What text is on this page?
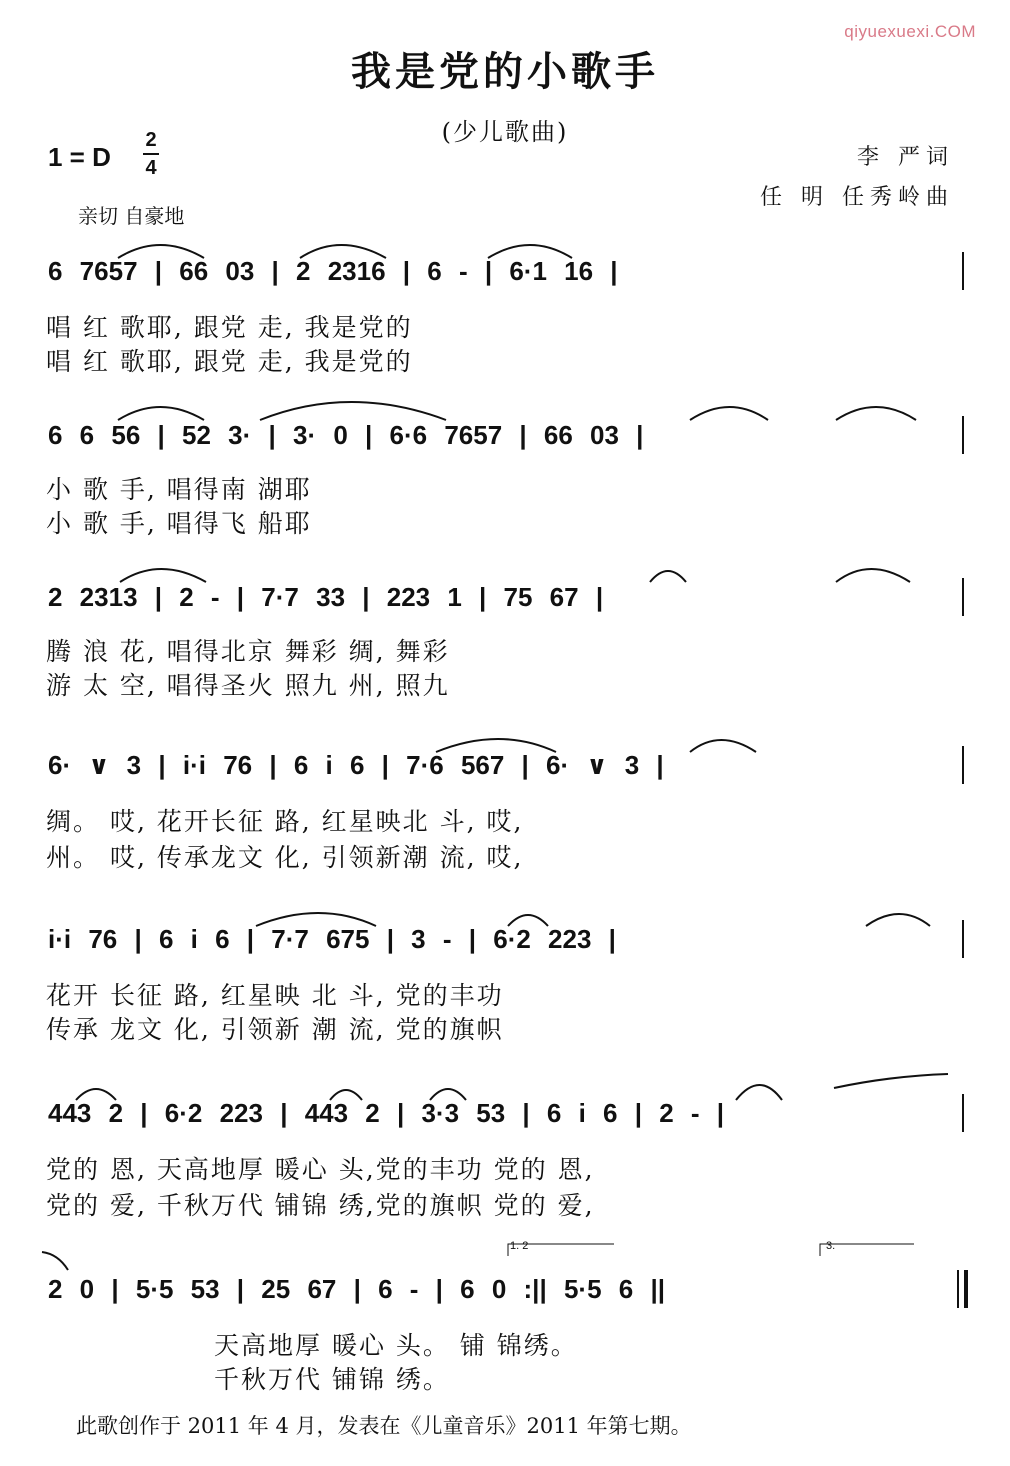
qiyuexuexi.COM
我是党的小歌手
(少儿歌曲)
1 = D
2
4	李 严词
任 明 任秀岭曲
亲切 自豪地
6 7657 | 66 03 | 2 2316 | 6 - | 6·1 16 |
唱 红 歌耶, 跟党 走, 我是党的
唱 红 歌耶, 跟党 走, 我是党的
6 6 56 | 52 3· | 3· 0 | 6·6 7657 | 66 03 |
小 歌 手, 唱得南 湖耶
小 歌 手, 唱得飞 船耶
2 2313 | 2 - | 7·7 33 | 223 1 | 75 67 |
腾 浪 花, 唱得北京 舞彩 绸, 舞彩
游 太 空, 唱得圣火 照九 州, 照九
6· ∨ 3 | i·i 76 | 6 i 6 | 7·6 567 | 6· ∨ 3 |
绸。 哎, 花开长征 路, 红星映北 斗, 哎,
州。 哎, 传承龙文 化, 引领新潮 流, 哎,
i·i 76 | 6 i 6 | 7·7 675 | 3 - | 6·2 223 |
花开 长征 路, 红星映 北 斗, 党的丰功
传承 龙文 化, 引领新 潮 流, 党的旗帜
443 2 | 6·2 223 | 443 2 | 3·3 53 | 6 i 6 | 2 - |
党的 恩, 天高地厚 暖心 头,党的丰功 党的 恩,
党的 爱, 千秋万代 铺锦 绣,党的旗帜 党的 爱,
1. 2	3.
2 0 | 5·5 53 | 25 67 | 6 - | 6 0 :|| 5·5 6 ||
天高地厚 暖心 头。 铺 锦绣。
千秋万代 铺锦 绣。
此歌创作于 2011 年 4 月，发表在《儿童音乐》2011 年第七期。
